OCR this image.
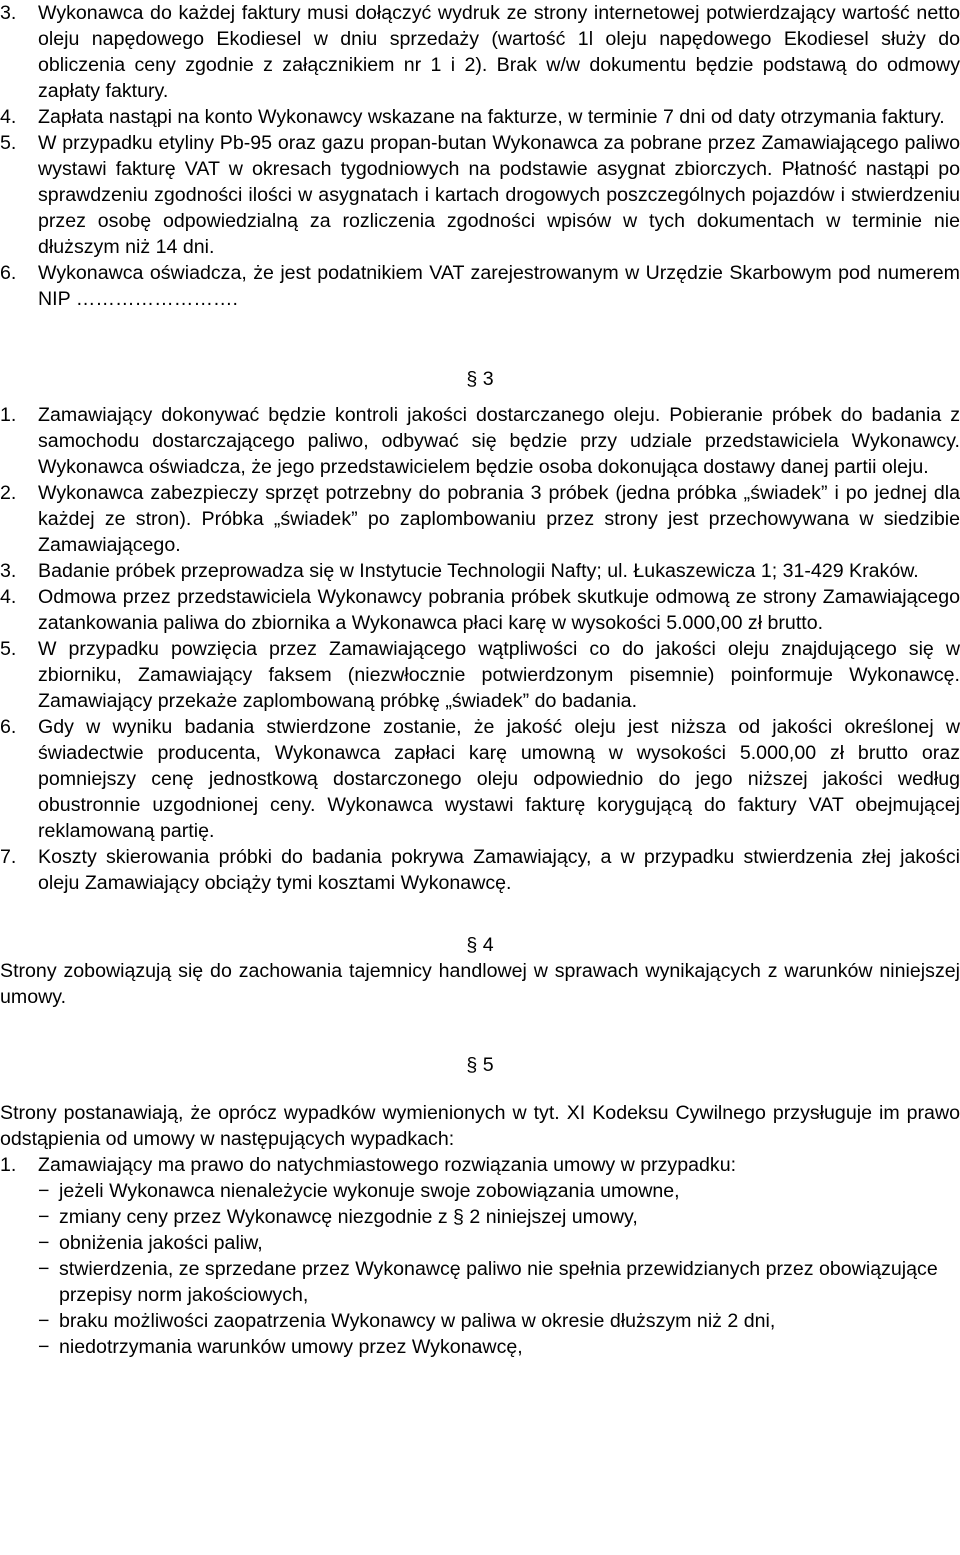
3.	Wykonawca do każdej faktury musi dołączyć wydruk ze strony internetowej potwierdzający wartość netto oleju napędowego Ekodiesel w dniu sprzedaży (wartość 1l oleju napędowego Ekodiesel służy do obliczenia ceny zgodnie z załącznikiem nr 1 i 2). Brak w/w dokumentu będzie podstawą do odmowy zapłaty faktury.
4.	Zapłata nastąpi na konto Wykonawcy wskazane na fakturze, w terminie 7 dni od daty otrzymania faktury.
5.	W przypadku etyliny Pb-95 oraz gazu propan-butan Wykonawca za pobrane przez Zamawiającego paliwo wystawi fakturę VAT w okresach tygodniowych na podstawie asygnat zbiorczych. Płatność nastąpi po sprawdzeniu zgodności ilości w asygnatach i kartach drogowych poszczególnych pojazdów i stwierdzeniu przez osobę odpowiedzialną za rozliczenia zgodności wpisów w tych dokumentach w terminie nie dłuższym niż 14 dni.
6.	Wykonawca oświadcza, że jest podatnikiem VAT zarejestrowanym w Urzędzie Skarbowym pod numerem NIP …………………….
§ 3
1.	Zamawiający dokonywać będzie kontroli jakości dostarczanego oleju. Pobieranie próbek do badania z samochodu dostarczającego paliwo, odbywać się będzie przy udziale przedstawiciela Wykonawcy. Wykonawca oświadcza, że jego przedstawicielem będzie osoba dokonująca dostawy danej partii oleju.
2.	Wykonawca zabezpieczy sprzęt potrzebny do pobrania 3 próbek (jedna próbka „świadek” i po jednej dla każdej ze stron). Próbka „świadek” po zaplombowaniu przez strony jest przechowywana w siedzibie Zamawiającego.
3.	Badanie próbek przeprowadza się w Instytucie Technologii Nafty; ul. Łukaszewicza 1; 31-429 Kraków.
4.	Odmowa przez przedstawiciela Wykonawcy pobrania próbek skutkuje odmową ze strony Zamawiającego zatankowania paliwa do zbiornika a Wykonawca płaci karę w wysokości 5.000,00 zł brutto.
5.	W przypadku powzięcia przez Zamawiającego wątpliwości co do jakości oleju znajdującego się w zbiorniku, Zamawiający faksem (niezwłocznie potwierdzonym pisemnie) poinformuje Wykonawcę. Zamawiający przekaże zaplombowaną próbkę „świadek” do badania.
6.	Gdy w wyniku badania stwierdzone zostanie, że jakość oleju jest niższa od jakości określonej w świadectwie producenta, Wykonawca zapłaci karę umowną w wysokości 5.000,00 zł brutto oraz pomniejszy cenę jednostkową dostarczonego oleju odpowiednio do jego niższej jakości według obustronnie uzgodnionej ceny. Wykonawca wystawi fakturę korygującą do faktury VAT obejmującej reklamowaną partię.
7.	Koszty skierowania próbki do badania pokrywa Zamawiający, a w przypadku stwierdzenia złej jakości oleju Zamawiający obciąży tymi kosztami Wykonawcę.
§ 4
Strony zobowiązują się do zachowania tajemnicy handlowej w sprawach wynikających z warunków niniejszej umowy.
§ 5
Strony postanawiają, że oprócz wypadków wymienionych w tyt. XI Kodeksu Cywilnego przysługuje im prawo odstąpienia od umowy w następujących wypadkach:
1.	Zamawiający ma prawo do natychmiastowego rozwiązania umowy w przypadku:
− jeżeli Wykonawca nienależycie wykonuje swoje zobowiązania umowne,
− zmiany ceny przez Wykonawcę niezgodnie z § 2 niniejszej umowy,
− obniżenia jakości paliw,
− stwierdzenia, ze sprzedane przez Wykonawcę paliwo nie spełnia przewidzianych przez obowiązujące przepisy norm jakościowych,
− braku możliwości zaopatrzenia Wykonawcy w paliwa w okresie dłuższym niż 2 dni,
− niedotrzymania warunków umowy przez Wykonawcę,
